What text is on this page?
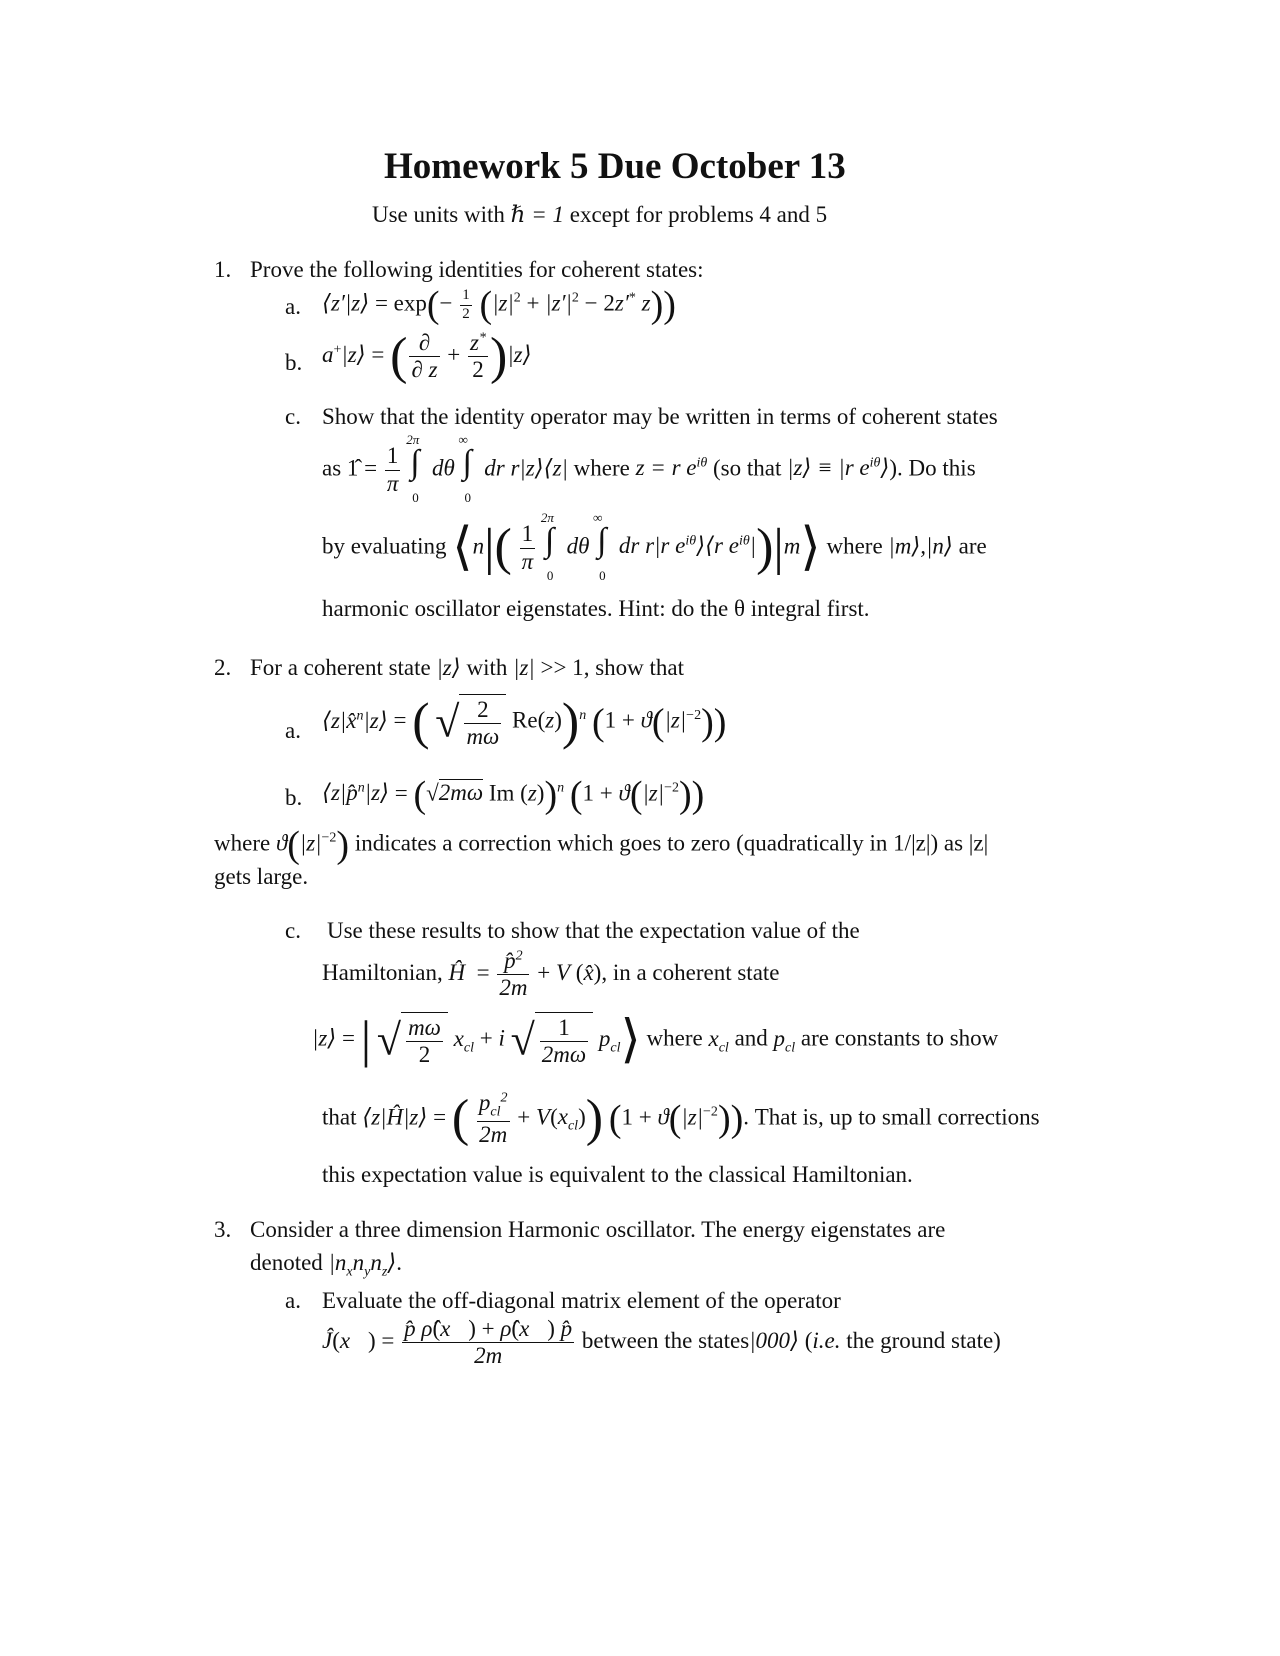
Homework 5 Due October 13
Use units with ℏ = 1 except for problems 4 and 5
1. Prove the following identities for coherent states:
a. ⟨z′|z⟩ = $\exp(- \frac{1}{2} (|z|^2 + |z'|^2 - 2z'^*$ z))
b. a+|z⟩ = ( $\frac{\partial}{\partial z} + \frac{z^*}{2}$ )|z⟩
c. Show that the identity operator may be written in terms of coherent states
as 1̂ = $\frac{1}{\pi}$

2π
∫
0
dθ
∞
∫
0
dr r|z⟩⟨z| where z = r $e^{i\theta}$ (so that |z⟩ ≡ |r $e^{i\theta}⟩$). Do this
by evaluating ⟨n|( $\frac{1}{\pi}$

2π
∫
0
dθ
∞
∫
0
dr r|r $e^{i\theta}⟩⟨r$ $e^{i\theta}|)|m⟩$ where |m⟩,|n⟩ are
harmonic oscillator eigenstates. Hint: do the θ integral first.
2. For a coherent state |z⟩ with |z| >> 1, show that
a. ⟨z|x̂$^n$|z⟩ = ( √ $\frac{2}{m\omega} Re(z))^n$ $(1 + ϑ(|z|^{-2}))$
b. ⟨z|p̂$^n$|z⟩ = (√2mω Im (z))$^n$ $(1 + ϑ(|z|^{-2}))$
where $ϑ(|z|^{-2})$ indicates a correction which goes to zero (quadratically in 1/|z|) as |z|
gets large.
c. Use these results to show that the expectation value of the
Hamiltonian, Ĥ  = $\frac{p̂^2}{2m} + V$ (x̂), in a coherent state
|z⟩ = | √ $\frac{m\omega}{2} x_{cl} + i$ √ $\frac{1}{2m\omega}$ $p_{cl}⟩$ where $x_{cl}$ and $p_{cl}$ are constants to show
that ⟨z|Ĥ|z⟩ = ( $\frac{p_{cl}^2}{2m} + V(x_{cl})$) $(1 + ϑ(|z|^{-2}))$. That is, up to small corrections
this expectation value is equivalent to the classical Hamiltonian.
3. Consider a three dimension Harmonic oscillator. The energy eigenstates are
denoted $|n_xn_yn_z⟩$.
a. Evaluate the off-diagonal matrix element of the operator
Ĵ(x⃗) = $\frac{p̂ \rhô(x⃗) + \rhô(x⃗) p̂}{2m}$ between the states|000⟩ (i.e. the ground state)
